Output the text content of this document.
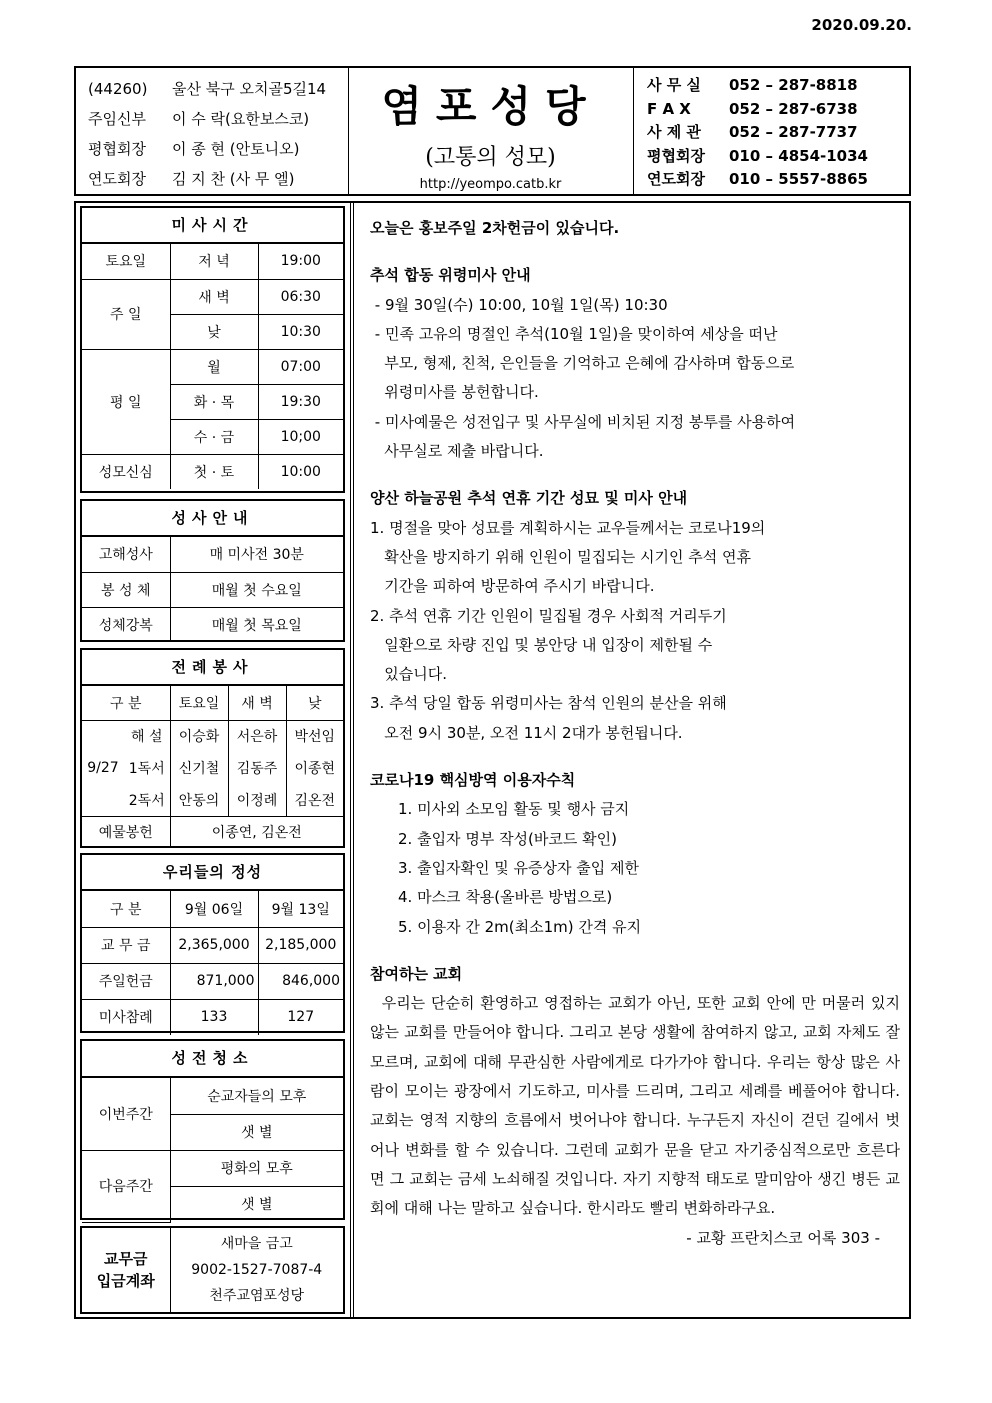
2020.09.20.
(44260) 울산 북구 오치골5길14
주임신부 이 수 락(요한보스코)
평협회장 이 종 현 (안토니오)
연도회장 김 지 찬 (사 무 엘)
염포성당
(고통의 성모)
http://yeompo.catb.kr
사 무 실 052 – 287-8818
F A X	052 – 287-6738
사 제 관 052 – 287-7737
평협회장 010 – 4854-1034
연도회장 010 – 5557-8865
미사시간
토요일	저 녁	19:00
주 일	새 벽	06:30
	낮	10:30
평 일	월	07:00
	화 · 목	19:30
	수 · 금	10;00
성모신심	첫 · 토	10:00
성사안내
고해성사	매 미사전 30분
봉 성 체	매월 첫 수요일
성체강복	매월 첫 목요일
전례봉사
구 분		토요일	새 벽	낮
9/27	해 설	이승화	서은하	박선임
	1독서	신기철	김동주	이종현
	2독서	안동의	이정례	김온전
예물봉헌		이종연, 김온전		
우리들의 정성
구 분	9월 06일	9월 13일
교 무 금	2,365,000	2,185,000
주일헌금	871,000	846,000
미사참례	133	127
성전청소
이번주간	순교자들의 모후
	샛 별
다음주간	평화의 모후
	샛 별
교무금
입금계좌

새마을 금고
9002-1527-7087-4
천주교염포성당
오늘은 홍보주일 2차헌금이 있습니다.
추석 합동 위령미사 안내
- 9월 30일(수) 10:00, 10월 1일(목) 10:30
- 민족 고유의 명절인 추석(10월 1일)을 맞이하여 세상을 떠난
부모, 형제, 친척, 은인들을 기억하고 은혜에 감사하며 합동으로
위령미사를 봉헌합니다.
- 미사예물은 성전입구 및 사무실에 비치된 지정 봉투를 사용하여
사무실로 제출 바랍니다.
양산 하늘공원 추석 연휴 기간 성묘 및 미사 안내
1. 명절을 맞아 성묘를 계획하시는 교우들께서는 코로나19의
확산을 방지하기 위해 인원이 밀집되는 시기인 추석 연휴
기간을 피하여 방문하여 주시기 바랍니다.
2. 추석 연휴 기간 인원이 밀집될 경우 사회적 거리두기
일환으로 차량 진입 및 봉안당 내 입장이 제한될 수
있습니다.
3. 추석 당일 합동 위령미사는 참석 인원의 분산을 위해
오전 9시 30분, 오전 11시 2대가 봉헌됩니다.
코로나19 핵심방역 이용자수칙
1. 미사외 소모임 활동 및 행사 금지
2. 출입자 명부 작성(바코드 확인)
3. 출입자확인 및 유증상자 출입 제한
4. 마스크 착용(올바른 방법으로)
5. 이용자 간 2m(최소1m) 간격 유지
참여하는 교회

우리는 단순히 환영하고 영접하는 교회가 아닌, 또한 교회 안에 만 머물러 있지 않는 교회를 만들어야 합니다. 그리고 본당 생활에 참여하지 않고, 교회 자체도 잘 모르며, 교회에 대해 무관심한 사람에게로 다가가야 합니다. 우리는 항상 많은 사람이 모이는 광장에서 기도하고, 미사를 드리며, 그리고 세례를 베풀어야 합니다. 교회는 영적 지향의 흐름에서 벗어나야 합니다. 누구든지 자신이 걷던 길에서 벗어나 변화를 할 수 있습니다. 그런데 교회가 문을 닫고 자기중심적으로만 흐른다면 그 교회는 금세 노쇠해질 것입니다. 자기 지향적 태도로 말미암아 생긴 병든 교회에 대해 나는 말하고 싶습니다. 한시라도 빨리 변화하라구요.

- 교황 프란치스코 어록 303 -
